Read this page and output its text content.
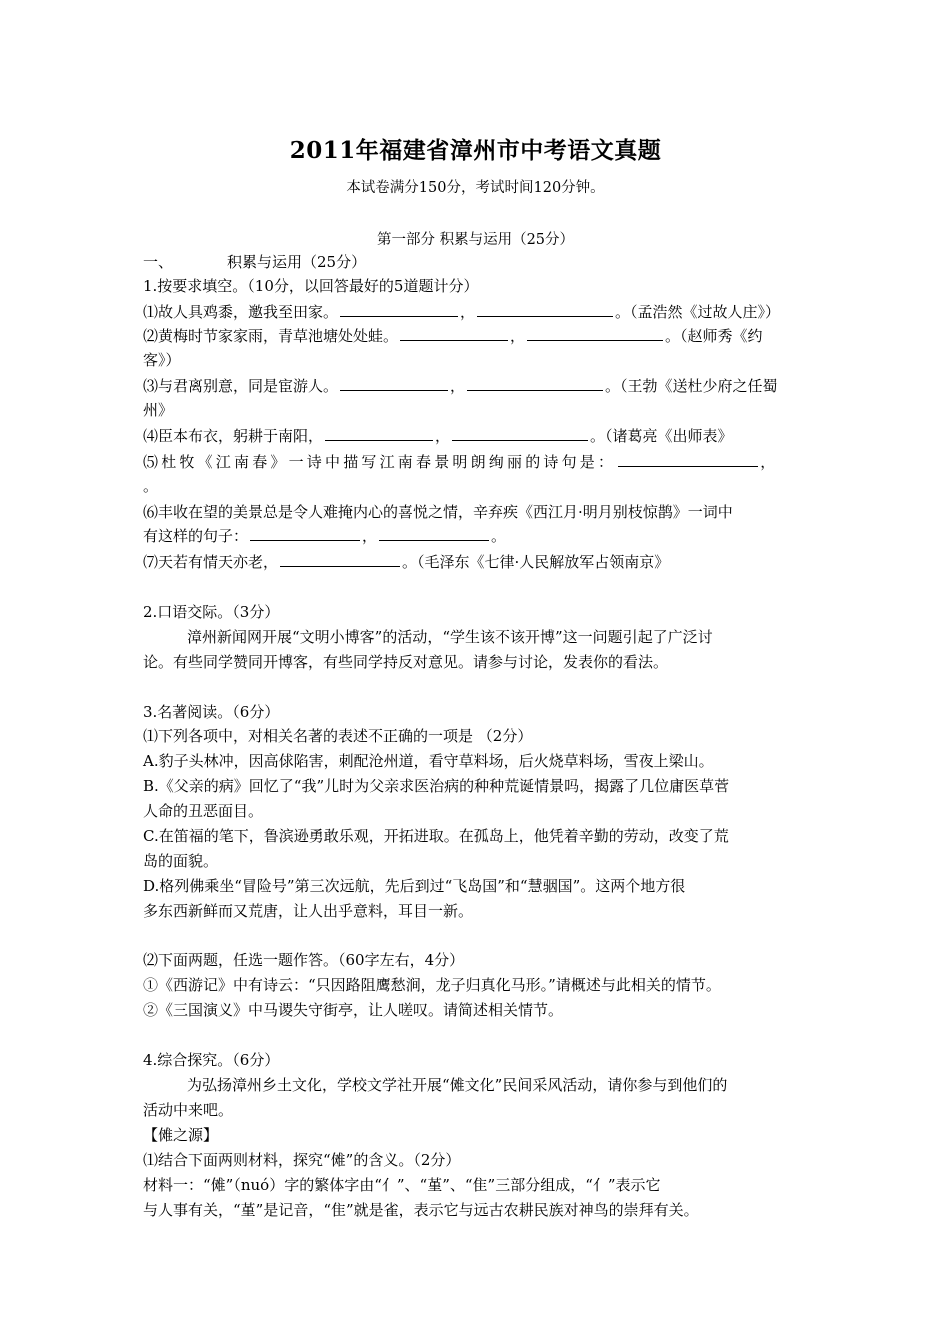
2011年福建省漳州市中考语文真题
本试卷满分150分，考试时间120分钟。
第一部分 积累与运用（25分）
一、	积累与运用（25分）
1.按要求填空。（10分，以回答最好的5道题计分）
⑴故人具鸡黍，邀我至田家。	，	。（孟浩然《过故人庄》）
⑵黄梅时节家家雨，青草池塘处处蛙。	，	。（赵师秀《约
客》）
⑶与君离别意，同是宦游人。	，	。（王勃《送杜少府之任蜀
州》
⑷臣本布衣，躬耕于南阳，	，	。（诸葛亮《出师表》
⑸杜牧《江南春》一诗中描写江南春景明朗绚丽的诗句是：	，
。
⑹丰收在望的美景总是令人难掩内心的喜悦之情，辛弃疾《西江月·明月别枝惊鹊》一词中
有这样的句子：	，	。
⑺天若有情天亦老，	。（毛泽东《七律·人民解放军占领南京》
2.口语交际。（3分）
漳州新闻网开展“文明小博客”的活动，“学生该不该开博”这一问题引起了广泛讨
论。有些同学赞同开博客，有些同学持反对意见。请参与讨论，发表你的看法。
3.名著阅读。（6分）
⑴下列各项中，对相关名著的表述不正确的一项是 （2分）
A.豹子头林冲，因高俅陷害，刺配沧州道，看守草料场，后火烧草料场，雪夜上梁山。
B.《父亲的病》回忆了“我”儿时为父亲求医治病的种种荒诞情景吗，揭露了几位庸医草菅
人命的丑恶面目。
C.在笛福的笔下，鲁滨逊勇敢乐观，开拓进取。在孤岛上，他凭着辛勤的劳动，改变了荒
岛的面貌。
D.格列佛乘坐“冒险号”第三次远航，先后到过“飞岛国”和“慧骃国”。这两个地方很
多东西新鲜而又荒唐，让人出乎意料，耳目一新。
⑵下面两题，任选一题作答。（60字左右，4分）
①《西游记》中有诗云：“只因路阻鹰愁涧，龙子归真化马形。”请概述与此相关的情节。
②《三国演义》中马谡失守街亭，让人嗟叹。请简述相关情节。
4.综合探究。（6分）
为弘扬漳州乡土文化，学校文学社开展“傩文化”民间采风活动，请你参与到他们的
活动中来吧。
【傩之源】
⑴结合下面两则材料，探究“傩”的含义。（2分）
材料一：“傩”（nuó）字的繁体字由“亻”、“堇”、“隹”三部分组成，“亻”表示它
与人事有关，“堇”是记音，“隹”就是雀，表示它与远古农耕民族对神鸟的崇拜有关。
